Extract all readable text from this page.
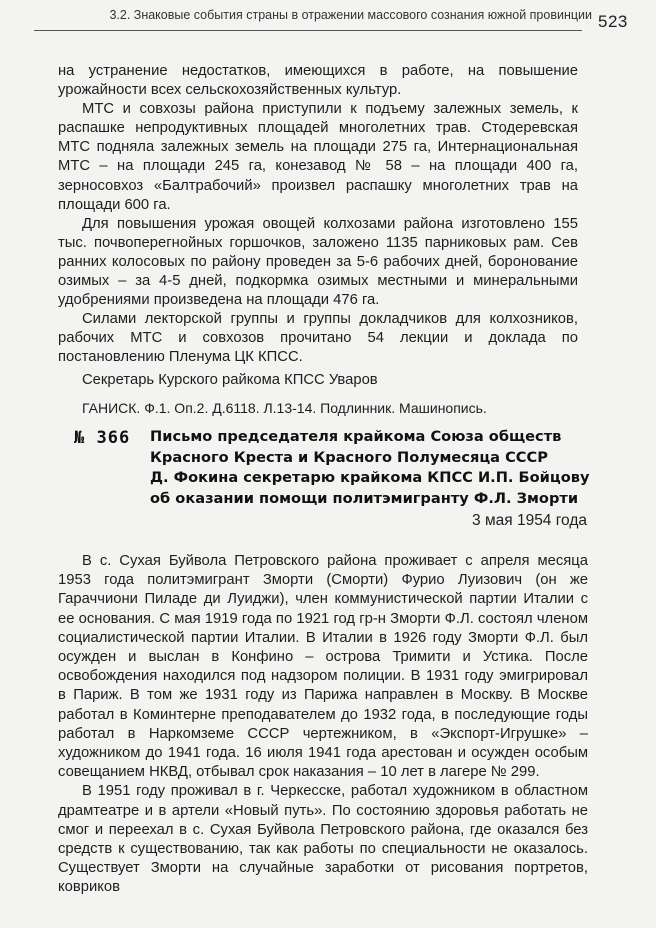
3.2. Знаковые события страны в отражении массового сознания южной провинции 523

на устранение недостатков, имеющихся в работе, на повышение урожайности всех сельскохозяйственных культур.

МТС и совхозы района приступили к подъему залежных земель, к распашке непродуктивных площадей многолетних трав. Стодеревская МТС подняла залежных земель на площади 275 га, Интернациональная МТС – на площади 245 га, конезавод № 58 – на площади 400 га, зерносовхоз «Балтрабочий» произвел распашку многолетних трав на площади 600 га.

Для повышения урожая овощей колхозами района изготовлено 155 тыс. почвоперегнойных горшочков, заложено 1135 парниковых рам. Сев ранних колосовых по району проведен за 5-6 рабочих дней, боронование озимых – за 4-5 дней, подкормка озимых местными и минеральными удобрениями произведена на площади 476 га.

Силами лекторской группы и группы докладчиков для колхозников, рабочих МТС и совхозов прочитано 54 лекции и доклада по постановлению Пленума ЦК КПСС.

Секретарь Курского райкома КПСС Уваров

ГАНИСК. Ф.1. Оп.2. Д.6118. Л.13-14. Подлинник. Машинопись.

№ 366 Письмо председателя крайкома Союза обществ
Красного Креста и Красного Полумесяца СССР
Д. Фокина секретарю крайкома КПСС И.П. Бойцову
об оказании помощи политэмигранту Ф.Л. Зморти
3 мая 1954 года

В с. Сухая Буйвола Петровского района проживает с апреля месяца 1953 года политэмигрант Зморти (Сморти) Фурио Луизович (он же Гараччиони Пиладе ди Луиджи), член коммунистической партии Италии с ее основания. С мая 1919 года по 1921 год гр-н Зморти Ф.Л. состоял членом социалистической партии Италии. В Италии в 1926 году Зморти Ф.Л. был осужден и выслан в Конфино – острова Тримити и Устика. После освобождения находился под надзором полиции. В 1931 году эмигрировал в Париж. В том же 1931 году из Парижа направлен в Москву. В Москве работал в Коминтерне преподавателем до 1932 года, в последующие годы работал в Наркомземе СССР чертежником, в «Экспорт-Игрушке» – художником до 1941 года. 16 июля 1941 года арестован и осужден особым совещанием НКВД, отбывал срок наказания – 10 лет в лагере № 299.

В 1951 году проживал в г. Черкесске, работал художником в областном драмтеатре и в артели «Новый путь». По состоянию здоровья работать не смог и переехал в с. Сухая Буйвола Петровского района, где оказался без средств к существованию, так как работы по специальности не оказалось. Существует Зморти на случайные заработки от рисования портретов, ковриков
